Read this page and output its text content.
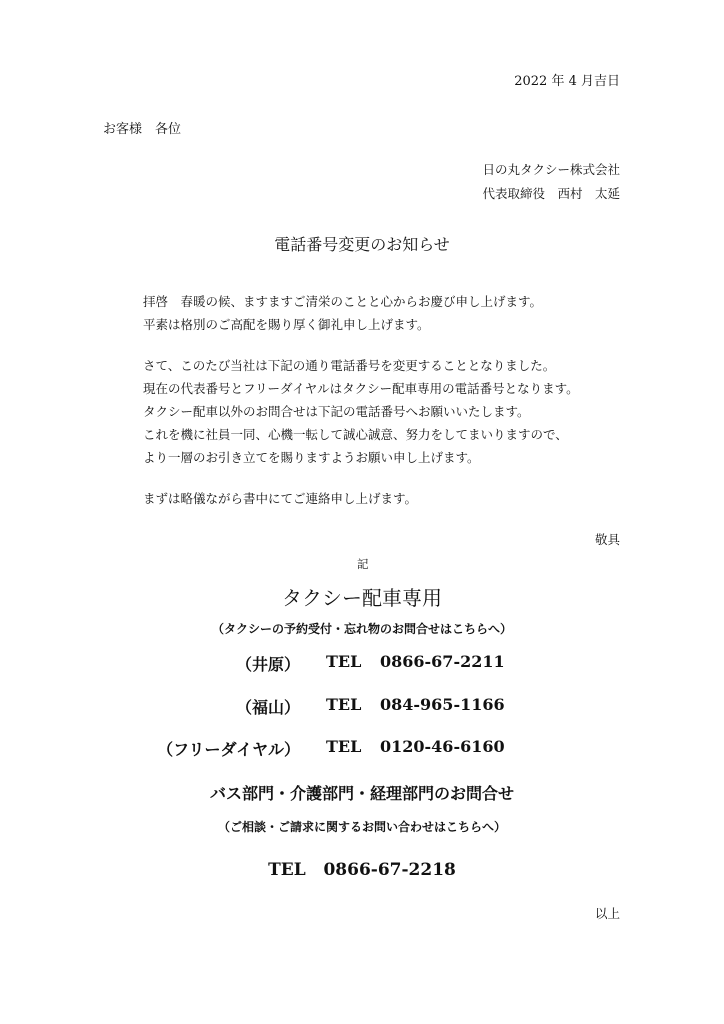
2022 年 4 月吉日
お客様　各位
日の丸タクシー株式会社
代表取締役　西村　太延
電話番号変更のお知らせ
拝啓　春暖の候、ますますご清栄のことと心からお慶び申し上げます。
平素は格別のご高配を賜り厚く御礼申し上げます。
さて、このたび当社は下記の通り電話番号を変更することとなりました。
現在の代表番号とフリーダイヤルはタクシー配車専用の電話番号となります。
タクシー配車以外のお問合せは下記の電話番号へお願いいたします。
これを機に社員一同、心機一転して誠心誠意、努力をしてまいりますので、
より一層のお引き立てを賜りますようお願い申し上げます。
まずは略儀ながら書中にてご連絡申し上げます。
敬具
記
タクシー配車専用
（タクシーの予約受付・忘れ物のお問合せはこちらへ）
（井原） TEL 0866-67-2211
（福山） TEL 084-965-1166
（フリーダイヤル） TEL 0120-46-6160
バス部門・介護部門・経理部門のお問合せ
（ご相談・ご請求に関するお問い合わせはこちらへ）
TEL 0866-67-2218
以上
